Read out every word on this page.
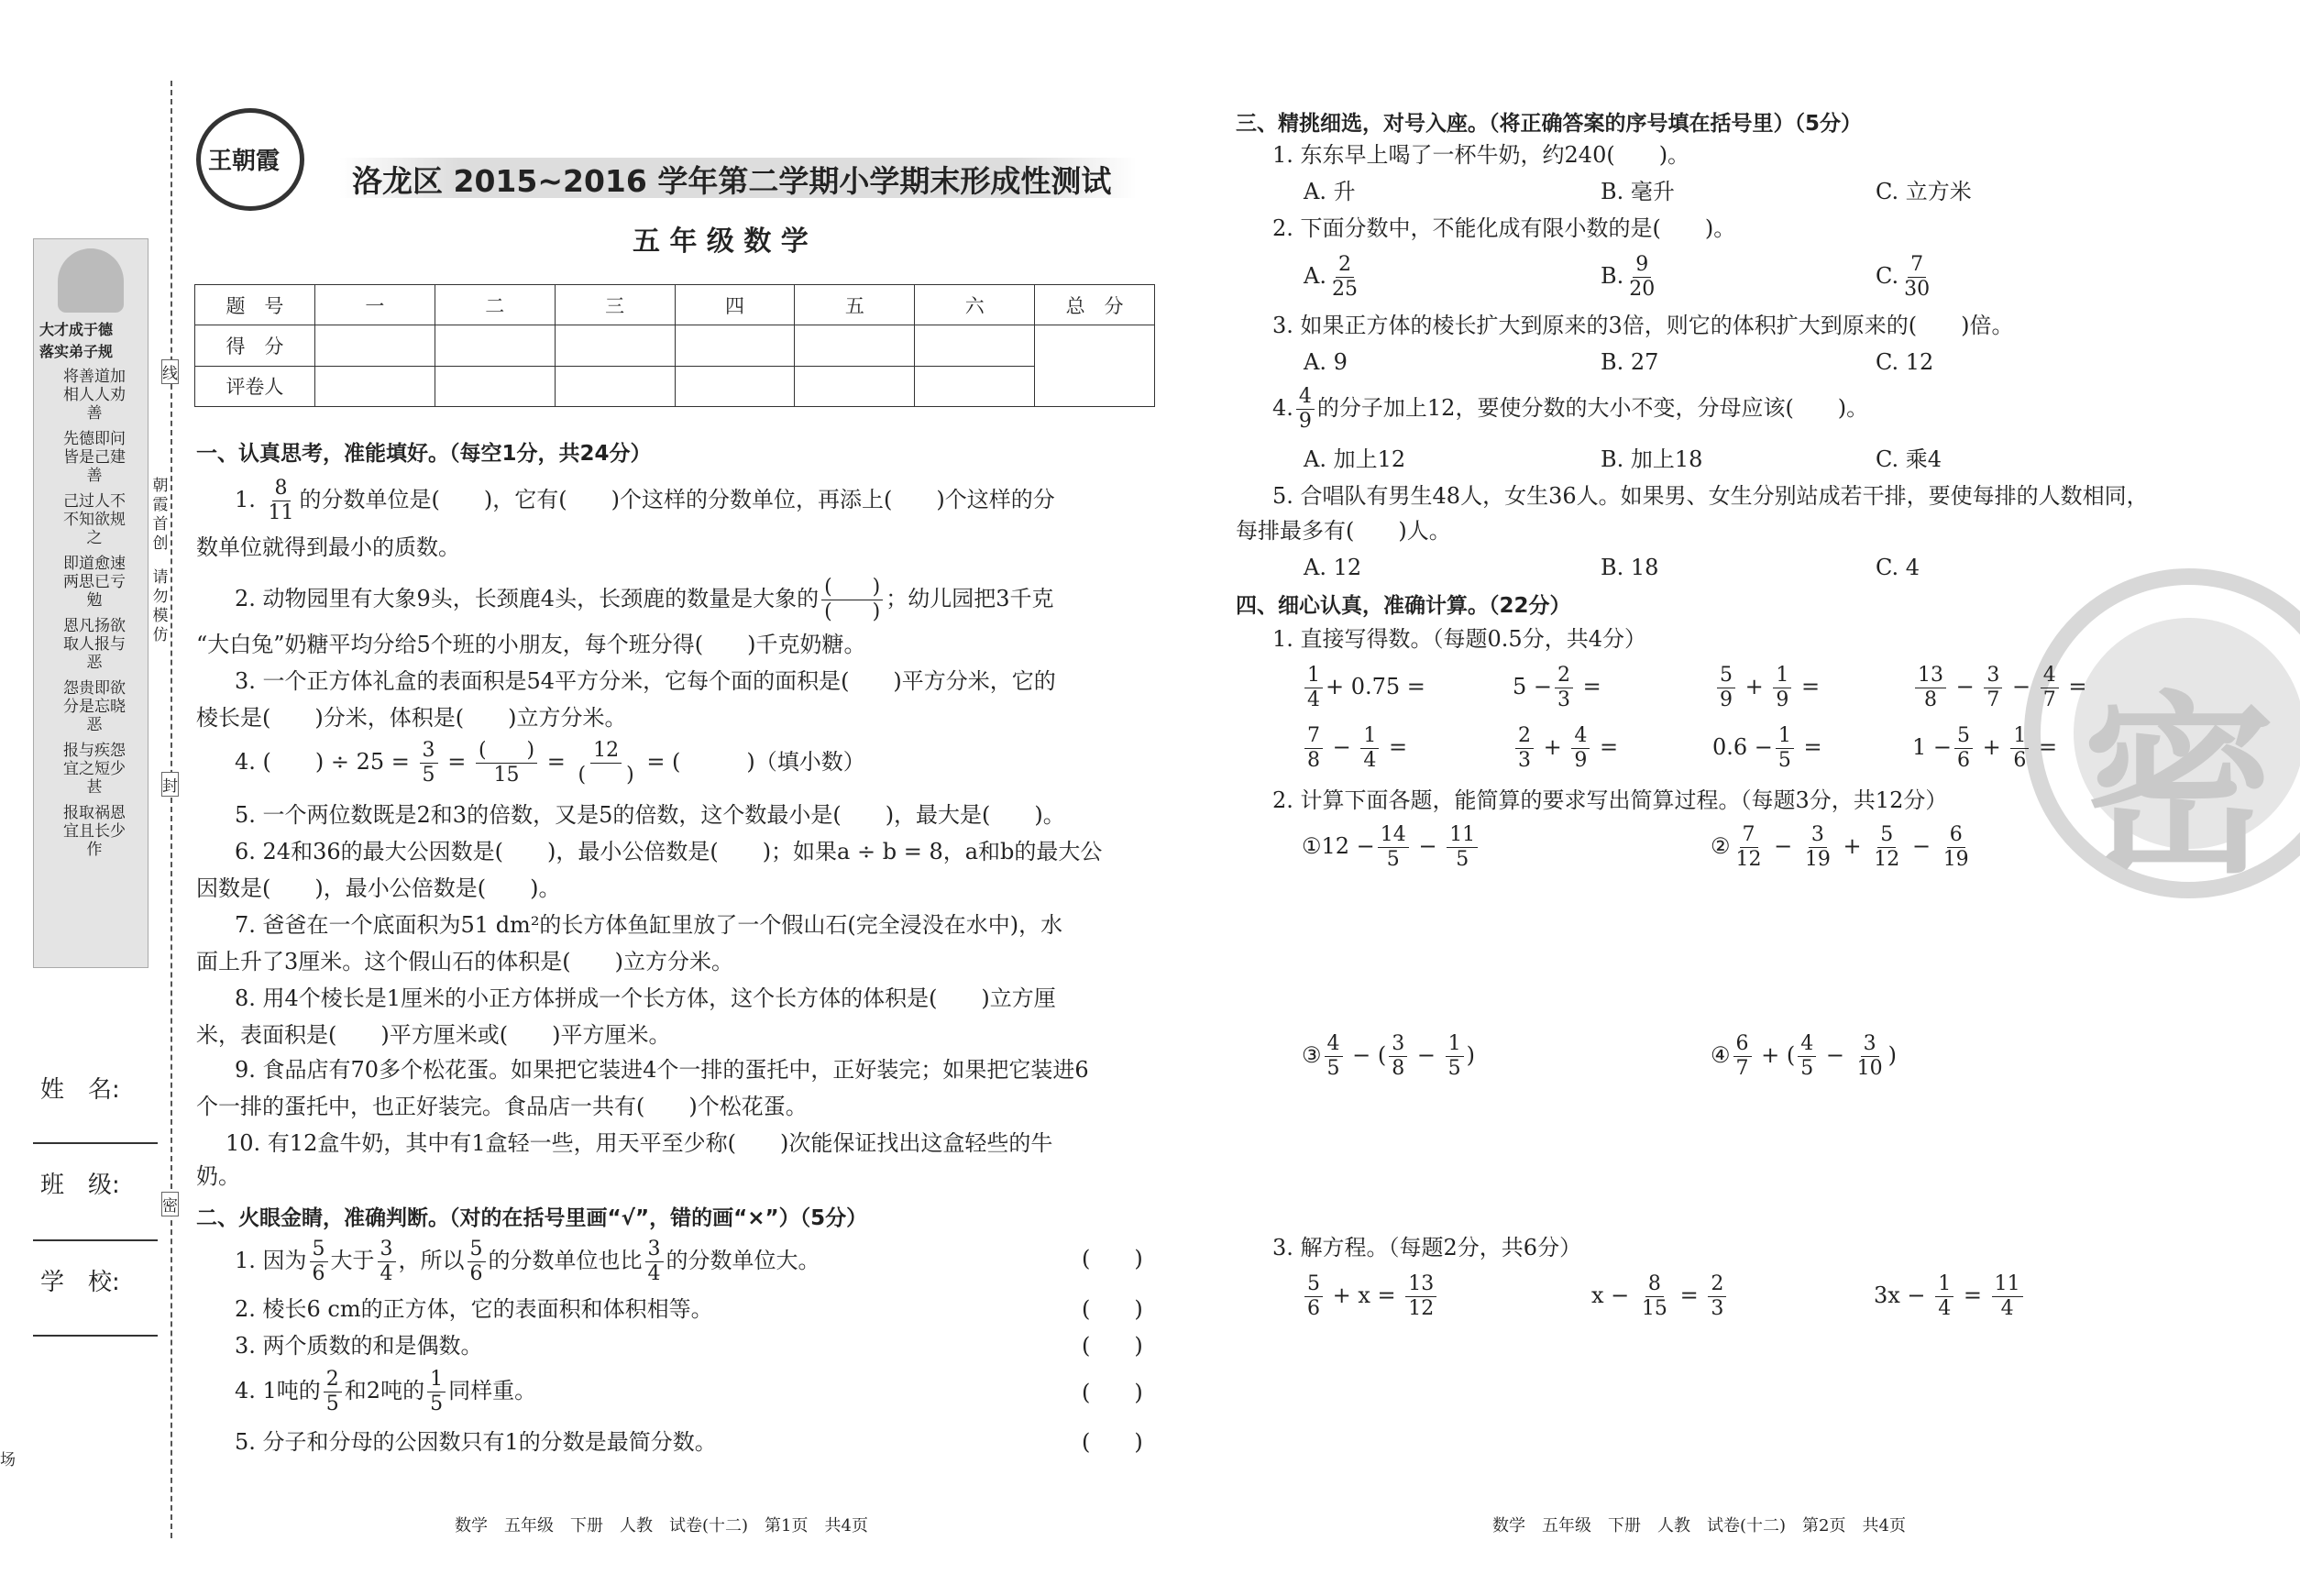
大才成于德
落实弟子规
将善道加相人人劝善
先德即问皆是己建善
己过人不不知欲规之
即道愈速两思已亏勉
恩凡扬欲取人报与恶
怨贵即欲分是忘晓恶
报与疾怨宜之短少甚
报取祸恩宜且长少作
朝霞首创
请勿模仿
线
封
密
姓　名:
班　级:
学　校:
场
王朝霞
洛龙区 2015~2016 学年第二学期小学期末形成性测试
五 年 级 数 学
题　号	一	二	三	四	五	六	总　分
得　分							
评卷人							
一、认真思考，准能填好。（每空1分，共24分）
1. $\frac{8}{11}$ 的分数单位是(　　)，它有(　　)个这样的分数单位，再添上(　　)个这样的分
数单位就得到最小的质数。
2. 动物园里有大象9头，长颈鹿4头，长颈鹿的数量是大象的 $\frac{( )}{( )}$ ；幼儿园把3千克
“大白兔”奶糖平均分给5个班的小朋友，每个班分得(　　)千克奶糖。
3. 一个正方体礼盒的表面积是54平方分米，它每个面的面积是(　　)平方分米，它的
棱长是(　　)分米，体积是(　　)立方分米。
4. (　　) ÷ $25 = \frac{3}{5} = \frac{( )}{15} = \frac{12}{( )}$ = (　　　)（填小数）
5. 一个两位数既是2和3的倍数，又是5的倍数，这个数最小是(　　)，最大是(　　)。
6. 24和36的最大公因数是(　　)，最小公倍数是(　　)；如果a ÷ b = 8，a和b的最大公
因数是(　　)，最小公倍数是(　　)。
7. 爸爸在一个底面积为51 dm²的长方体鱼缸里放了一个假山石(完全浸没在水中)，水
面上升了3厘米。这个假山石的体积是(　　)立方分米。
8. 用4个棱长是1厘米的小正方体拼成一个长方体，这个长方体的体积是(　　)立方厘
米，表面积是(　　)平方厘米或(　　)平方厘米。
9. 食品店有70多个松花蛋。如果把它装进4个一排的蛋托中，正好装完；如果把它装进6
个一排的蛋托中，也正好装完。食品店一共有(　　)个松花蛋。
10. 有12盒牛奶，其中有1盒轻一些，用天平至少称(　　)次能保证找出这盒轻些的牛
奶。
二、火眼金睛，准确判断。（对的在括号里画“√”，错的画“×”）（5分）
1. 因为 $\frac{5}{6}$ 大于 $\frac{3}{4}$ ，所以 $\frac{5}{6}$ 的分数单位也比 $\frac{3}{4}$ 的分数单位大。	(　　)
2. 棱长6 cm的正方体，它的表面积和体积相等。	(　　)
3. 两个质数的和是偶数。	(　　)
4. 1吨的 $\frac{2}{5}$ 和2吨的 $\frac{1}{5}$ 同样重。	(　　)
5. 分子和分母的公因数只有1的分数是最简分数。	(　　)
数学　五年级　下册　人教　试卷(十二)　第1页　共4页
密
三、精挑细选，对号入座。（将正确答案的序号填在括号里）（5分）
1. 东东早上喝了一杯牛奶，约240(　　)。
A. 升	B. 毫升	C. 立方米
2. 下面分数中，不能化成有限小数的是(　　)。
A. $\frac{2}{25}$	B. $\frac{9}{20}$	C. $\frac{7}{30}$
3. 如果正方体的棱长扩大到原来的3倍，则它的体积扩大到原来的(　　)倍。
A. 9	B. 27	C. 12
4. $\frac{4}{9}$ 的分子加上12，要使分数的大小不变，分母应该(　　)。
A. 加上12	B. 加上18	C. 乘4
5. 合唱队有男生48人，女生36人。如果男、女生分别站成若干排，要使每排的人数相同，
每排最多有(　　)人。
A. 12	B. 18	C. 4
四、细心认真，准确计算。（22分）
1. 直接写得数。（每题0.5分，共4分）
$\frac{1}{4} + 0.75$ =	$5 - \frac{2}{3}$ =	$\frac{5}{9} + \frac{1}{9}$ =	$\frac{13}{8} - \frac{3}{7} - \frac{4}{7}$ =
$\frac{7}{8} - \frac{1}{4}$ =	$\frac{2}{3} + \frac{4}{9}$ =	$0.6 - \frac{1}{5}$ =	$1 - \frac{5}{6} + \frac{1}{6}$ =
2. 计算下面各题，能简算的要求写出简算过程。（每题3分，共12分）
①12 − $\frac{14}{5} - \frac{11}{5}$	② $\frac{7}{12} - \frac{3}{19} + \frac{5}{12} - \frac{6}{19}$
③ $\frac{4}{5}$ − ( $\frac{3}{8} - \frac{1}{5}$ )	④ $\frac{6}{7}$ + ( $\frac{4}{5} - \frac{3}{10}$ )
3. 解方程。（每题2分，共6分）
$\frac{5}{6} + x = \frac{13}{12}$	$x - \frac{8}{15} = \frac{2}{3}$	$3x - \frac{1}{4} = \frac{11}{4}$
数学　五年级　下册　人教　试卷(十二)　第2页　共4页
